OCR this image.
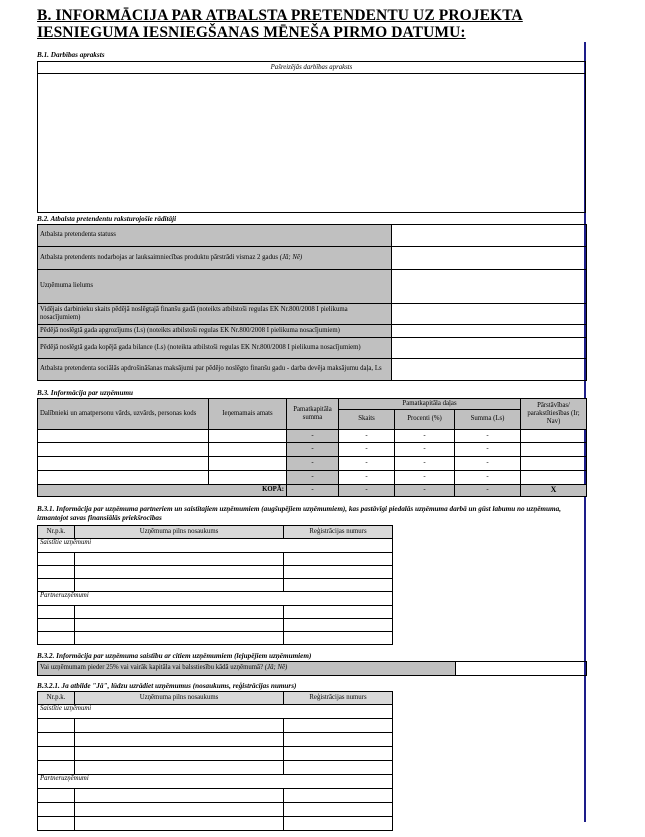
B. INFORMĀCIJA PAR ATBALSTA PRETENDENTU UZ PROJEKTA
IESNIEGUMA IESNIEGŠANAS MĒNEŠA PIRMO DATUMU:
B.1. Darbības apraksts
Pašreizējās darbības apraksts
B.2. Atbalsta pretendentu raksturojošie rādītāji
Atbalsta pretendenta statuss	
Atbalsta pretendents nodarbojas ar lauksaimniecības produktu pārstrādi vismaz 2 gadus (Jā; Nē)	
Uzņēmuma lielums	
Vidējais darbinieku skaits pēdējā noslēgtajā finanšu gadā (noteikts atbilstoši regulas EK Nr.800/2008 I pielikuma nosacījumiem)	
Pēdējā noslēgtā gada apgrozījums (Ls) (noteikts atbilstoši regulas EK Nr.800/2008 I pielikuma nosacījumiem)	
Pēdējā noslēgtā gada kopējā gada bilance (Ls) (noteikta atbilstoši regulas EK Nr.800/2008 I pielikuma nosacījumiem)	
Atbalsta pretendenta sociālās apdrošināšanas maksājumi par pēdējo noslēgto finanšu gadu - darba devēja maksājumu daļa, Ls	
B.3. Informācija par uzņēmumu
Dalībnieki un amatpersonu vārds, uzvārds, personas kods	Ieņemamais amats	Pamatkapitāla summa	Pamatkapitāla daļas			Pārstāvības/ parakstītiesības (Ir; Nav)
			Skaits	Procenti (%)	Summa (Ls)	
		-	-	-	-	
		-	-	-	-	
		-	-	-	-	
		-	-	-	-	
KOPĀ:		-	-	-	-	X
B.3.1. Informācija par uzņēmuma partneriem un saistītajiem uzņēmumiem (augšupējiem uzņēmumiem), kas pastāvīgi piedalās uzņēmuma darbā un gūst labumu no uzņēmuma, izmantojot savas finansiālās priekšrocības
Nr.p.k.	Uzņēmuma pilns nosaukums	Reģistrācijas numurs
Saistītie uzņēmumi		

Partneruzņēmumi		

B.3.2. Informācija par uzņēmuma saistību ar citiem uzņēmumiem (lejupējiem uzņēmumiem)
Vai uzņēmumam pieder 25% vai vairāk kapitāla vai balsstiesību kādā uzņēmumā? (Jā; Nē)	
B.3.2.1. Ja atbilde "Jā", lūdzu uzrādiet uzņēmumus (nosaukums, reģistrācijas numurs)
Nr.p.k.	Uzņēmuma pilns nosaukums	Reģistrācijas numurs
Saistītie uzņēmumi		

Partneruzņēmumi		
